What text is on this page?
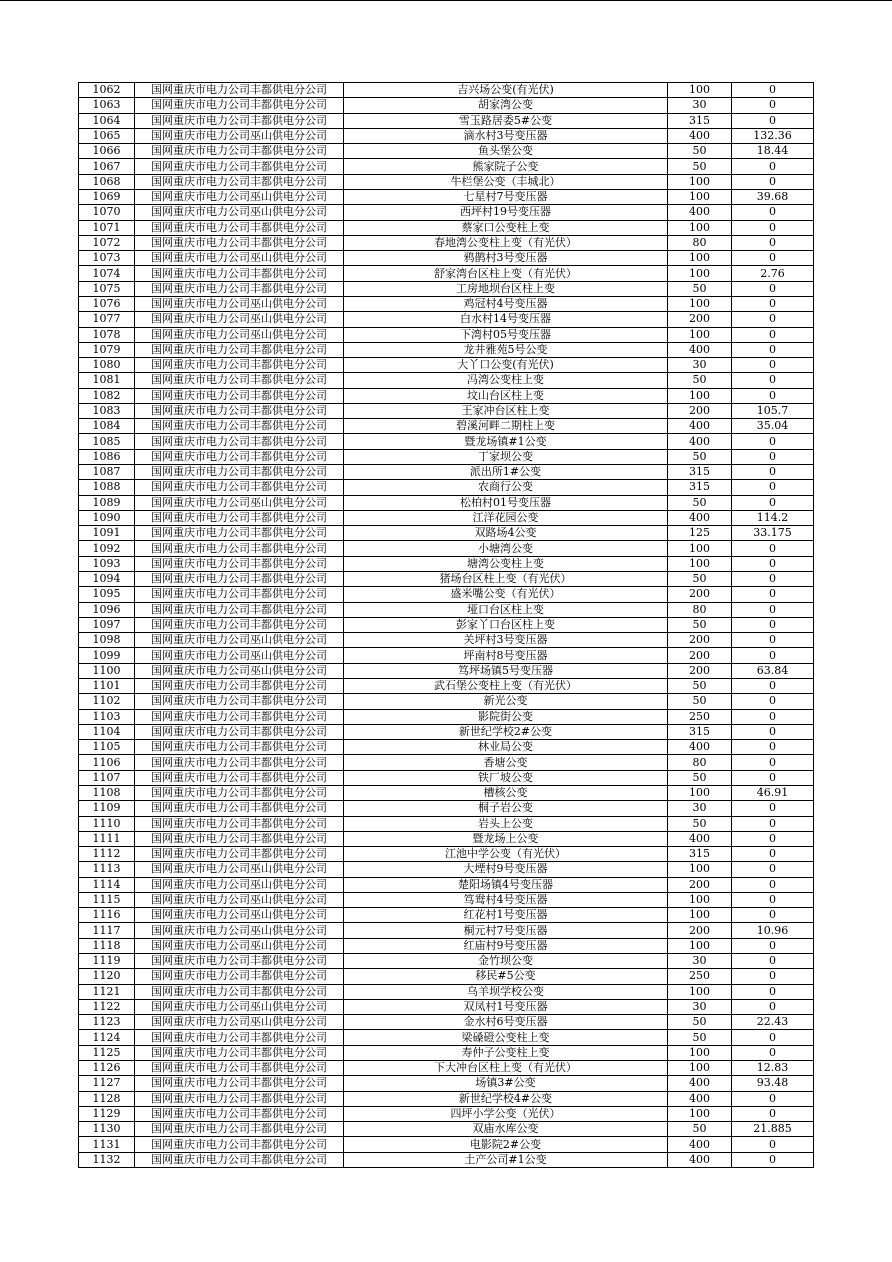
1062	国网重庆市电力公司丰都供电分公司	吉兴场公变(有光伏)	100	0
1063	国网重庆市电力公司丰都供电分公司	胡家湾公变	30	0
1064	国网重庆市电力公司丰都供电分公司	雪玉路居委5#公变	315	0
1065	国网重庆市电力公司巫山供电分公司	滴水村3号变压器	400	132.36
1066	国网重庆市电力公司丰都供电分公司	鱼头堡公变	50	18.44
1067	国网重庆市电力公司丰都供电分公司	熊家院子公变	50	0
1068	国网重庆市电力公司丰都供电分公司	牛栏堡公变（丰城北）	100	0
1069	国网重庆市电力公司巫山供电分公司	七星村7号变压器	100	39.68
1070	国网重庆市电力公司巫山供电分公司	西坪村19号变压器	400	0
1071	国网重庆市电力公司丰都供电分公司	蔡家口公变柱上变	100	0
1072	国网重庆市电力公司丰都供电分公司	春地湾公变柱上变（有光伏）	80	0
1073	国网重庆市电力公司巫山供电分公司	鸦鹊村3号变压器	100	0
1074	国网重庆市电力公司丰都供电分公司	舒家湾台区柱上变（有光伏）	100	2.76
1075	国网重庆市电力公司丰都供电分公司	工房地坝台区柱上变	50	0
1076	国网重庆市电力公司巫山供电分公司	鸡冠村4号变压器	100	0
1077	国网重庆市电力公司巫山供电分公司	白水村14号变压器	200	0
1078	国网重庆市电力公司巫山供电分公司	下湾村05号变压器	100	0
1079	国网重庆市电力公司丰都供电分公司	龙井雅苑5号公变	400	0
1080	国网重庆市电力公司丰都供电分公司	大丫口公变(有光伏)	30	0
1081	国网重庆市电力公司丰都供电分公司	冯湾公变柱上变	50	0
1082	国网重庆市电力公司丰都供电分公司	坟山台区柱上变	100	0
1083	国网重庆市电力公司丰都供电分公司	王家冲台区柱上变	200	105.7
1084	国网重庆市电力公司丰都供电分公司	碧溪河畔二期柱上变	400	35.04
1085	国网重庆市电力公司丰都供电分公司	暨龙场镇#1公变	400	0
1086	国网重庆市电力公司丰都供电分公司	丁家坝公变	50	0
1087	国网重庆市电力公司丰都供电分公司	派出所1#公变	315	0
1088	国网重庆市电力公司丰都供电分公司	农商行公变	315	0
1089	国网重庆市电力公司巫山供电分公司	松柏村01号变压器	50	0
1090	国网重庆市电力公司丰都供电分公司	江洋花园公变	400	114.2
1091	国网重庆市电力公司丰都供电分公司	双路场4公变	125	33.175
1092	国网重庆市电力公司丰都供电分公司	小塘湾公变	100	0
1093	国网重庆市电力公司丰都供电分公司	塘湾公变柱上变	100	0
1094	国网重庆市电力公司丰都供电分公司	猪场台区柱上变（有光伏）	50	0
1095	国网重庆市电力公司丰都供电分公司	盛米嘴公变（有光伏）	200	0
1096	国网重庆市电力公司丰都供电分公司	垭口台区柱上变	80	0
1097	国网重庆市电力公司丰都供电分公司	彭家丫口台区柱上变	50	0
1098	国网重庆市电力公司巫山供电分公司	关坪村3号变压器	200	0
1099	国网重庆市电力公司巫山供电分公司	坪南村8号变压器	200	0
1100	国网重庆市电力公司巫山供电分公司	笃坪场镇5号变压器	200	63.84
1101	国网重庆市电力公司丰都供电分公司	武石堡公变柱上变（有光伏）	50	0
1102	国网重庆市电力公司丰都供电分公司	新光公变	50	0
1103	国网重庆市电力公司丰都供电分公司	影院街公变	250	0
1104	国网重庆市电力公司丰都供电分公司	新世纪学校2#公变	315	0
1105	国网重庆市电力公司丰都供电分公司	林业局公变	400	0
1106	国网重庆市电力公司丰都供电分公司	香塘公变	80	0
1107	国网重庆市电力公司丰都供电分公司	铁厂坡公变	50	0
1108	国网重庆市电力公司丰都供电分公司	槽核公变	100	46.91
1109	国网重庆市电力公司丰都供电分公司	桐子岩公变	30	0
1110	国网重庆市电力公司丰都供电分公司	岩头上公变	50	0
1111	国网重庆市电力公司丰都供电分公司	暨龙场上公变	400	0
1112	国网重庆市电力公司丰都供电分公司	江池中学公变（有光伏）	315	0
1113	国网重庆市电力公司巫山供电分公司	大堙村9号变压器	100	0
1114	国网重庆市电力公司巫山供电分公司	楚阳场镇4号变压器	200	0
1115	国网重庆市电力公司巫山供电分公司	笃鸯村4号变压器	100	0
1116	国网重庆市电力公司巫山供电分公司	红花村1号变压器	100	0
1117	国网重庆市电力公司巫山供电分公司	桐元村7号变压器	200	10.96
1118	国网重庆市电力公司巫山供电分公司	红庙村9号变压器	100	0
1119	国网重庆市电力公司丰都供电分公司	金竹坝公变	30	0
1120	国网重庆市电力公司丰都供电分公司	移民#5公变	250	0
1121	国网重庆市电力公司丰都供电分公司	乌羊坝学校公变	100	0
1122	国网重庆市电力公司巫山供电分公司	双凤村1号变压器	30	0
1123	国网重庆市电力公司巫山供电分公司	金水村6号变压器	50	22.43
1124	国网重庆市电力公司丰都供电分公司	梁磉磴公变柱上变	50	0
1125	国网重庆市电力公司丰都供电分公司	寿仲子公变柱上变	100	0
1126	国网重庆市电力公司丰都供电分公司	下大冲台区柱上变（有光伏）	100	12.83
1127	国网重庆市电力公司丰都供电分公司	场镇3#公变	400	93.48
1128	国网重庆市电力公司丰都供电分公司	新世纪学校4#公变	400	0
1129	国网重庆市电力公司丰都供电分公司	四坪小学公变（光伏）	100	0
1130	国网重庆市电力公司丰都供电分公司	双庙水库公变	50	21.885
1131	国网重庆市电力公司丰都供电分公司	电影院2#公变	400	0
1132	国网重庆市电力公司丰都供电分公司	土产公司#1公变	400	0
